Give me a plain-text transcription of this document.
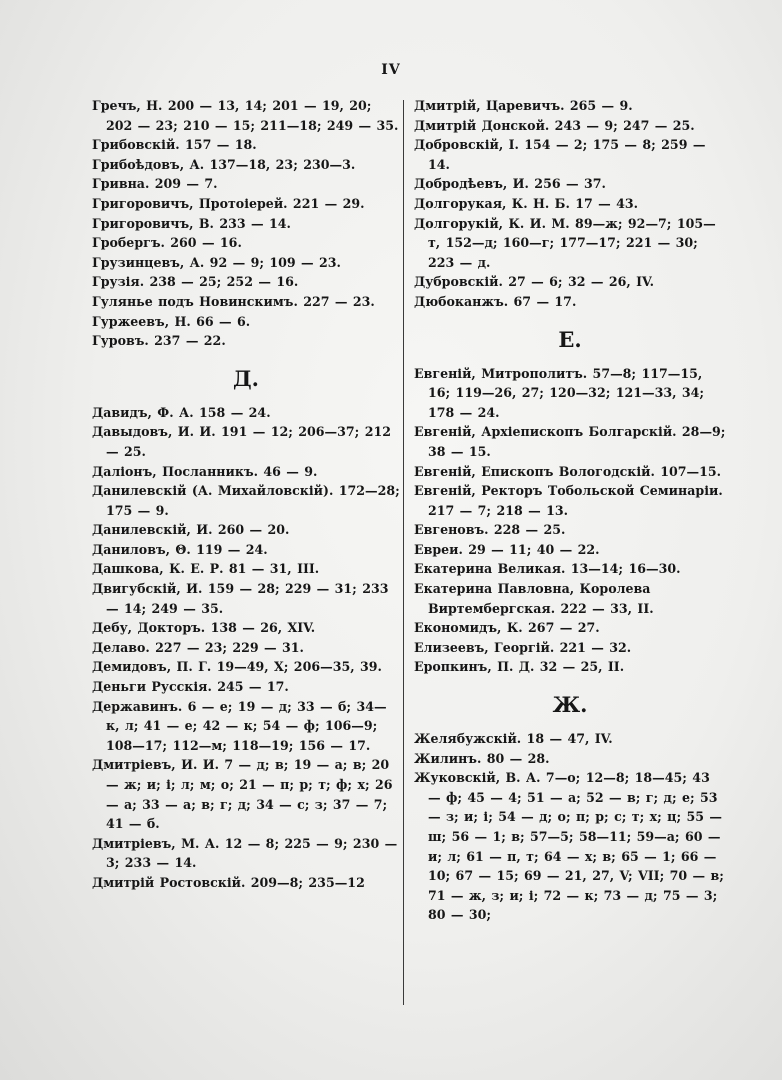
IV

Гречъ, Н. 200 — 13, 14; 201 — 19, 20; 202 — 23; 210 — 15; 211—18; 249 — 35.

Грибовскій. 157 — 18.

Грибоѣдовъ, А. 137—18, 23; 230—3.

Гривна. 209 — 7.

Григоровичъ, Протоіерей. 221 — 29.

Григоровичъ, В. 233 — 14.

Гробергъ. 260 — 16.

Грузинцевъ, А. 92 — 9; 109 — 23.

Грузія. 238 — 25; 252 — 16.

Гулянье подъ Новинскимъ. 227 — 23.

Гуржеевъ, Н. 66 — 6.

Гуровъ. 237 — 22.

Д.

Давидъ, Ф. А. 158 — 24.

Давыдовъ, И. И. 191 — 12; 206—37; 212 — 25.

Даліонъ, Посланникъ. 46 — 9.

Данилевскій (А. Михайловскій). 172—28; 175 — 9.

Данилевскій, И. 260 — 20.

Даниловъ, Θ. 119 — 24.

Дашкова, К. Е. Р. 81 — 31, III.

Двигубскій, И. 159 — 28; 229 — 31; 233 — 14; 249 — 35.

Дебу, Докторъ. 138 — 26, XIV.

Делаво. 227 — 23; 229 — 31.

Демидовъ, П. Г. 19—49, X; 206—35, 39.

Деньги Русскія. 245 — 17.

Державинъ. 6 — е; 19 — д; 33 — б; 34—к, л; 41 — е; 42 — к; 54 — ф; 106—9; 108—17; 112—м; 118—19; 156 — 17.

Дмитріевъ, И. И. 7 — д; в; 19 — а; в; 20 — ж; и; і; л; м; о; 21 — п; р; т; ф; х; 26 — а; 33 — а; в; г; д; 34 — с; з; 37 — 7; 41 — б.

Дмитріевъ, М. А. 12 — 8; 225 — 9; 230 — 3; 233 — 14.

Дмитрій Ростовскій. 209—8; 235—12

Дмитрій, Царевичъ. 265 — 9.

Дмитрій Донской. 243 — 9; 247 — 25.

Добровскій, І. 154 — 2; 175 — 8; 259 — 14.

Добродѣевъ, И. 256 — 37.

Долгорукая, К. Н. Б. 17 — 43.

Долгорукій, К. И. М. 89—ж; 92—7; 105—т, 152—д; 160—г; 177—17; 221 — 30; 223 — д.

Дубровскій. 27 — 6; 32 — 26, IV.

Дюбоканжъ. 67 — 17.

Е.

Евгеній, Митрополитъ. 57—8; 117—15, 16; 119—26, 27; 120—32; 121—33, 34; 178 — 24.

Евгеній, Архіепископъ Болгарскій. 28—9; 38 — 15.

Евгеній, Епископъ Вологодскій. 107—15.

Евгеній, Ректоръ Тобольской Семинаріи. 217 — 7; 218 — 13.

Евгеновъ. 228 — 25.

Евреи. 29 — 11; 40 — 22.

Екатерина Великая. 13—14; 16—30.

Екатерина Павловна, Королева Виртембергская. 222 — 33, II.

Економидъ, К. 267 — 27.

Елизеевъ, Георгій. 221 — 32.

Еропкинъ, П. Д. 32 — 25, II.

Ж.

Желябужскій. 18 — 47, IV.

Жилинъ. 80 — 28.

Жуковскій, В. А. 7—о; 12—8; 18—45; 43 — ф; 45 — 4; 51 — а; 52 — в; г; д; е; 53 — з; и; і; 54 — д; о; п; р; с; т; х; ц; 55 — ш; 56 — 1; в; 57—5; 58—11; 59—а; 60 — и; л; 61 — п, т; 64 — х; в; 65 — 1; 66 — 10; 67 — 15; 69 — 21, 27, V; VII; 70 — в; 71 — ж, з; и; і; 72 — к; 73 — д; 75 — 3; 80 — 30;
